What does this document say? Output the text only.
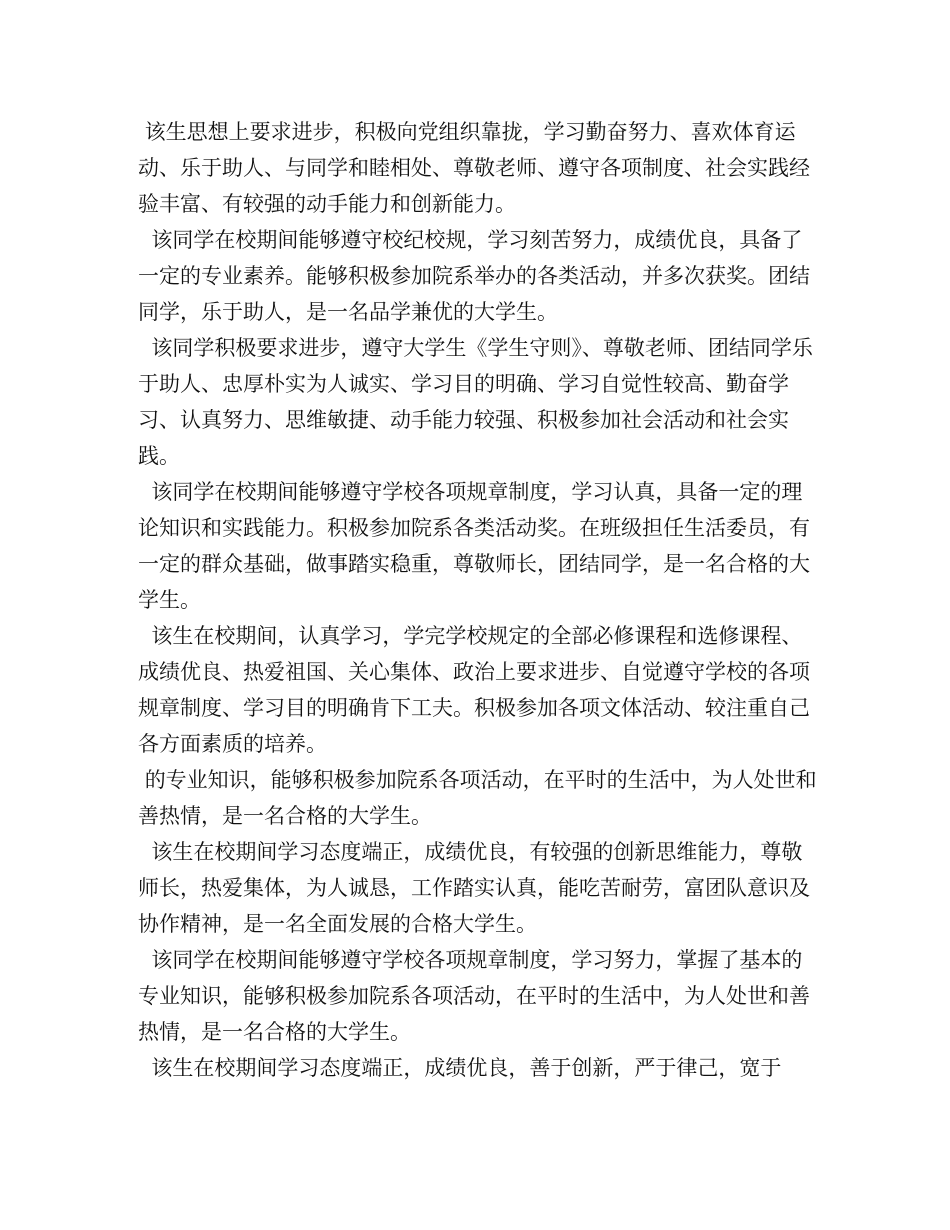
该生思想上要求进步，积极向党组织靠拢，学习勤奋努力、喜欢体育运动、乐于助人、与同学和睦相处、尊敬老师、遵守各项制度、社会实践经验丰富、有较强的动手能力和创新能力。

该同学在校期间能够遵守校纪校规，学习刻苦努力，成绩优良，具备了一定的专业素养。能够积极参加院系举办的各类活动，并多次获奖。团结同学，乐于助人，是一名品学兼优的大学生。

该同学积极要求进步，遵守大学生《学生守则》、尊敬老师、团结同学乐于助人、忠厚朴实为人诚实、学习目的明确、学习自觉性较高、勤奋学习、认真努力、思维敏捷、动手能力较强、积极参加社会活动和社会实践。

该同学在校期间能够遵守学校各项规章制度，学习认真，具备一定的理论知识和实践能力。积极参加院系各类活动奖。在班级担任生活委员，有一定的群众基础，做事踏实稳重，尊敬师长，团结同学，是一名合格的大学生。

该生在校期间，认真学习，学完学校规定的全部必修课程和选修课程、 成绩优良、热爱祖国、关心集体、政治上要求进步、自觉遵守学校的各项规章制度、学习目的明确肯下工夫。积极参加各项文体活动、较注重自己各方面素质的培养。

的专业知识，能够积极参加院系各项活动，在平时的生活中，为人处世和善热情，是一名合格的大学生。

该生在校期间学习态度端正，成绩优良，有较强的创新思维能力，尊敬师长，热爱集体，为人诚恳，工作踏实认真，能吃苦耐劳，富团队意识及协作精神，是一名全面发展的合格大学生。

该同学在校期间能够遵守学校各项规章制度，学习努力，掌握了基本的专业知识，能够积极参加院系各项活动，在平时的生活中，为人处世和善热情，是一名合格的大学生。

该生在校期间学习态度端正，成绩优良，善于创新，严于律己，宽于
